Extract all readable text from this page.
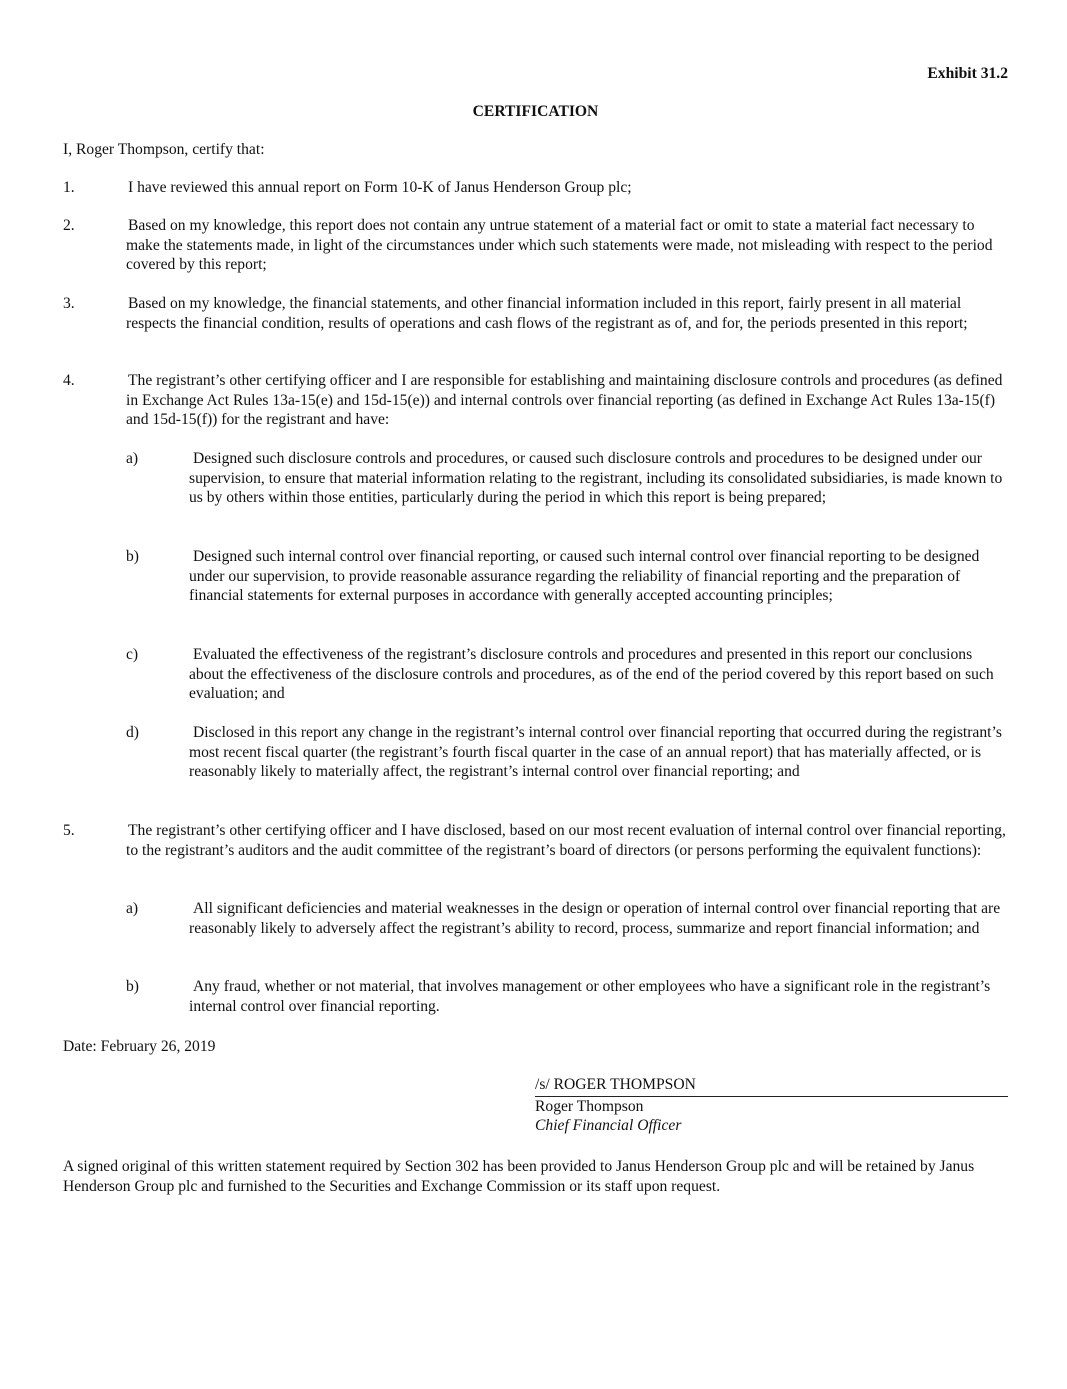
Exhibit 31.2
CERTIFICATION
I, Roger Thompson, certify that:
1.	I have reviewed this annual report on Form 10-K of Janus Henderson Group plc;
2.	Based on my knowledge, this report does not contain any untrue statement of a material fact or omit to state a material fact necessary to make the statements made, in light of the circumstances under which such statements were made, not misleading with respect to the period covered by this report;
3.	Based on my knowledge, the financial statements, and other financial information included in this report, fairly present in all material respects the financial condition, results of operations and cash flows of the registrant as of, and for, the periods presented in this report;
4.	The registrant’s other certifying officer and I are responsible for establishing and maintaining disclosure controls and procedures (as defined in Exchange Act Rules 13a-15(e) and 15d-15(e)) and internal controls over financial reporting (as defined in Exchange Act Rules 13a-15(f) and 15d-15(f)) for the registrant and have:
a)	Designed such disclosure controls and procedures, or caused such disclosure controls and procedures to be designed under our supervision, to ensure that material information relating to the registrant, including its consolidated subsidiaries, is made known to us by others within those entities, particularly during the period in which this report is being prepared;
b)	Designed such internal control over financial reporting, or caused such internal control over financial reporting to be designed under our supervision, to provide reasonable assurance regarding the reliability of financial reporting and the preparation of financial statements for external purposes in accordance with generally accepted accounting principles;
c)	Evaluated the effectiveness of the registrant’s disclosure controls and procedures and presented in this report our conclusions about the effectiveness of the disclosure controls and procedures, as of the end of the period covered by this report based on such evaluation; and
d)	Disclosed in this report any change in the registrant’s internal control over financial reporting that occurred during the registrant’s most recent fiscal quarter (the registrant’s fourth fiscal quarter in the case of an annual report) that has materially affected, or is reasonably likely to materially affect, the registrant’s internal control over financial reporting; and
5.	The registrant’s other certifying officer and I have disclosed, based on our most recent evaluation of internal control over financial reporting, to the registrant’s auditors and the audit committee of the registrant’s board of directors (or persons performing the equivalent functions):
a)	All significant deficiencies and material weaknesses in the design or operation of internal control over financial reporting that are reasonably likely to adversely affect the registrant’s ability to record, process, summarize and report financial information; and
b)	Any fraud, whether or not material, that involves management or other employees who have a significant role in the registrant’s internal control over financial reporting.
Date: February 26, 2019
/s/ ROGER THOMPSON
Roger Thompson
Chief Financial Officer
A signed original of this written statement required by Section 302 has been provided to Janus Henderson Group plc and will be retained by Janus Henderson Group plc and furnished to the Securities and Exchange Commission or its staff upon request.
